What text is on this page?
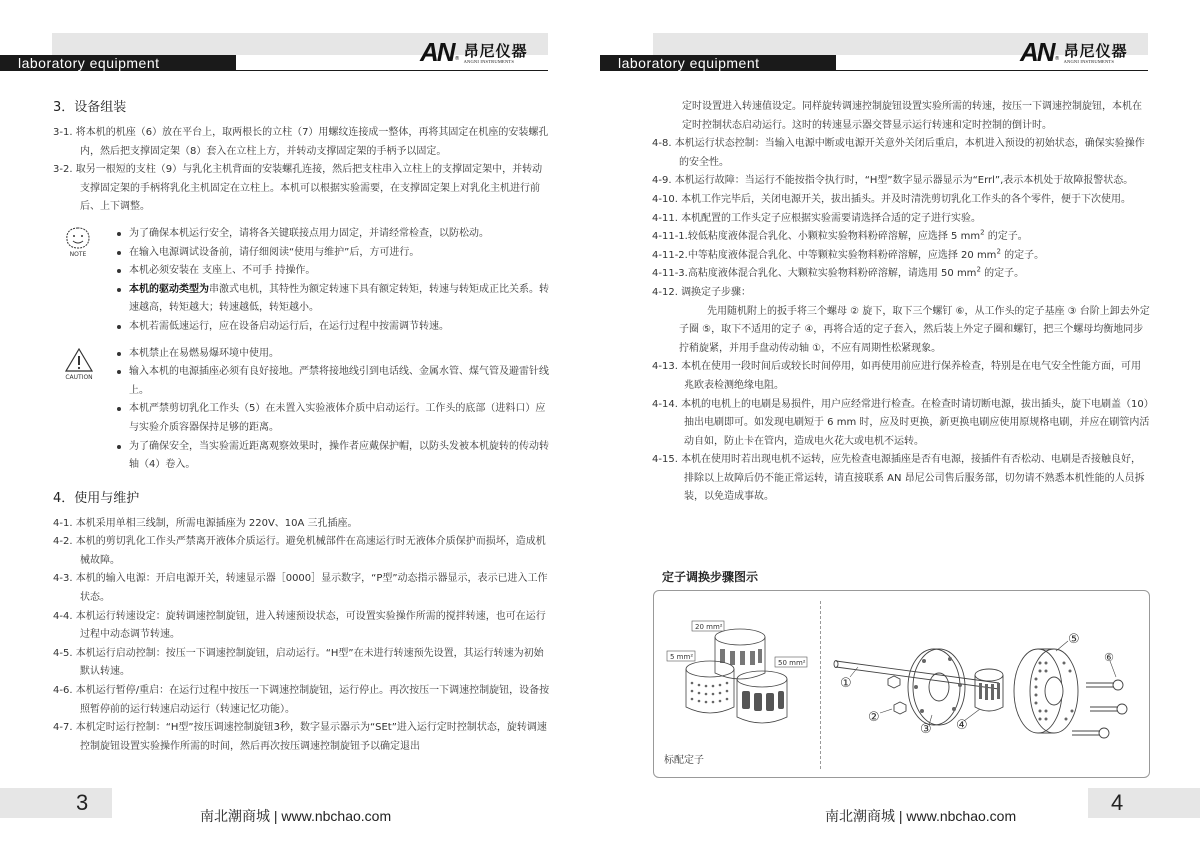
laboratory equipment	AN ® 昂尼仪器
ANGNI INSTRUMENTS
3．设备组装
3-1. 将本机的机座（6）放在平台上，取两根长的立柱（7）用螺纹连接成一整体，再将其固定在机座的安装螺孔内，然后把支撑固定架（8）套入在立柱上方，并转动支撑固定架的手柄予以固定。
3-2. 取另一根短的支柱（9）与乳化主机背面的安装螺孔连接，然后把支柱串入立柱上的支撑固定架中，并转动支撑固定架的手柄将乳化主机固定在立柱上。本机可以根据实验需要，在支撑固定架上对乳化主机进行前 后、上下调整。
NOTE
为了确保本机运行安全，请将各关键联接点用力固定，并请经常检查，以防松动。
在输入电源调试设备前，请仔细阅读“使用与维护”后，方可进行。
本机必须安装在 支座上、不可手 持操作。
本机的驱动类型为串激式电机，其特性为额定转速下具有额定转矩，转速与转矩成正比关系。转速越高，转矩越大；转速越低，转矩越小。
本机若需低速运行，应在设备启动运行后，在运行过程中按需调节转速。
CAUTION
本机禁止在易燃易爆环境中使用。
输入本机的电源插座必须有良好接地。严禁将接地线引到电话线、金属水管、煤气管及避雷针线上。
本机严禁剪切乳化工作头（5）在未置入实验液体介质中启动运行。工作头的底部（进料口）应与实验介质容器保持足够的距离。
为了确保安全，当实验需近距离观察效果时，操作者应戴保护帽，以防头发被本机旋转的传动转轴（4）卷入。
4．使用与维护
4-1. 本机采用单相三线制，所需电源插座为 220V、10A 三孔插座。
4-2. 本机的剪切乳化工作头严禁离开液体介质运行。避免机械部件在高速运行时无液体介质保护而损坏，造成机械故障。
4-3. 本机的输入电源：开启电源开关，转速显示器［0000］显示数字，“P型”动态指示器显示，表示已进入工作状态。
4-4. 本机运行转速设定：旋转调速控制旋钮，进入转速预设状态，可设置实验操作所需的搅拌转速，也可在运行过程中动态调节转速。
4-5. 本机运行启动控制：按压一下调速控制旋钮，启动运行。“H型”在未进行转速预先设置，其运行转速为初始默认转速。
4-6. 本机运行暂停/重启：在运行过程中按压一下调速控制旋钮，运行停止。再次按压一下调速控制旋钮，设备按照暂停前的运行转速启动运行（转速记忆功能）。
4-7. 本机定时运行控制：“H型”按压调速控制旋钮3秒，数字显示器示为“SEt”进入运行定时控制状态，旋转调速控制旋钮设置实验操作所需的时间，然后再次按压调速控制旋钮予以确定退出
3
南北潮商城 | www.nbchao.com
laboratory equipment	AN ® 昂尼仪器
ANGNI INSTRUMENTS
定时设置进入转速值设定。同样旋转调速控制旋钮设置实验所需的转速，按压一下调速控制旋钮，本机在定时控制状态启动运行。这时的转速显示器交替显示运行转速和定时控制的倒计时。
4-8. 本机运行状态控制：当输入电源中断或电源开关意外关闭后重启，本机进入预设的初始状态，确保实验操作的安全性。
4-9. 本机运行故障：当运行不能按指令执行时，“H型”数字显示器显示为“Errl”,表示本机处于故障报警状态。
4-10. 本机工作完毕后，关闭电源开关，拔出插头。并及时清洗剪切乳化工作头的各个零件，便于下次使用。
4-11. 本机配置的工作头定子应根据实验需要请选择合适的定子进行实验。
4-11-1.较低粘度液体混合乳化、小颗粒实验物料粉碎溶解，应选择 5 $mm^2$ 的定子。
4-11-2.中等粘度液体混合乳化、中等颗粒实验物料粉碎溶解，应选择 20 $mm^2$ 的定子。
4-11-3.高粘度液体混合乳化、大颗粒实验物料粉碎溶解，请选用 50 $mm^2$ 的定子。
4-12. 调换定子步骤：
先用随机附上的扳手将三个螺母 ② 旋下，取下三个螺钉 ⑥，从工作头的定子基座 ③ 台阶上卸去外定子圈 ⑤，取下不适用的定子 ④，再将合适的定子套入，然后装上外定子圈和螺钉，把三个螺母均衡地同步拧稍旋紧，并用手盘动传动轴 ①，不应有周期性松紧现象。
4-13. 本机在使用一段时间后或较长时间停用，如再使用前应进行保养检查，特别是在电气安全性能方面，可用兆欧表检测绝缘电阻。
4-14. 本机的电机上的电刷是易损件，用户应经常进行检查。在检查时请切断电源，拔出插头，旋下电刷盖（10）抽出电刷即可。如发现电刷短于 6 mm 时，应及时更换，新更换电刷应使用原规格电刷，并应在刷管内活动自如，防止卡在管内，造成电火花大或电机不运转。
4-15. 本机在使用时若出现电机不运转，应先检查电源插座是否有电源，接插件有否松动、电刷是否接触良好，排除以上故障后仍不能正常运转，请直接联系 AN 昂尼公司售后服务部，切勿请不熟悉本机性能的人员拆装，以免造成事故。
定子调换步骤图示
4
南北潮商城 | www.nbchao.com
20 mm²
5 mm²
50 mm²
标配定子
①
②
③ ④
⑤
⑥
